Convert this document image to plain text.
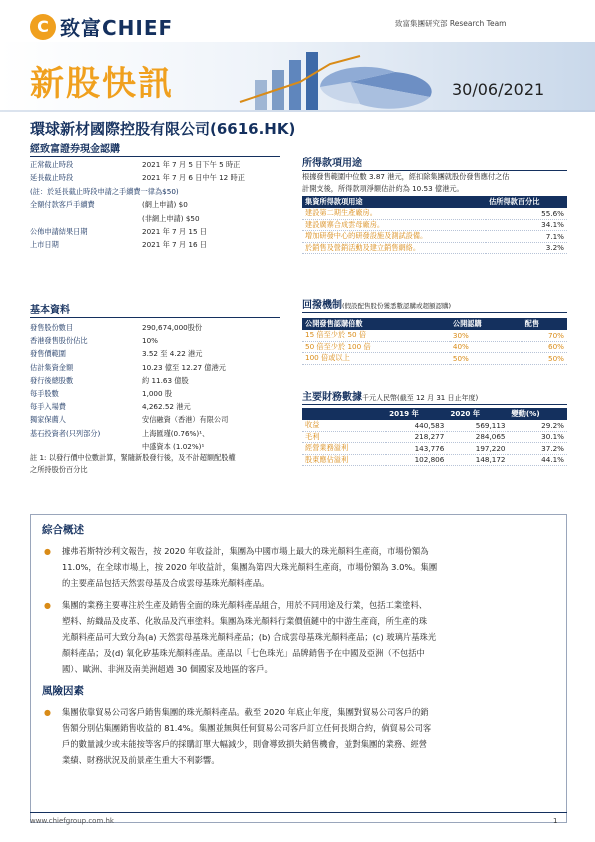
C 致富CHIEF	致富集團研究部 Research Team
新股快訊	30/06/2021
環球新材國際控股有限公司(6616.HK)
經致富證券現金認購
正常截止時段	2021 年 7 月 5 日下午 5 時正
延長截止時段	2021 年 7 月 6 日中午 12 時正
(註：於延長截止時段申請之手續費一律為$50)
全額付款客戶手續費	(網上申請) $0
(非網上申請) $50
公佈申請結果日期	2021 年 7 月 15 日
上市日期	2021 年 7 月 16 日
基本資料
發售股份數目	290,674,000股份
香港發售股份佔比	10%
發售價範圍	3.52 至 4.22 港元
估計集資金額	10.23 億至 12.27 億港元
發行後總股數	約 11.63 億股
每手股數	1,000 股
每手入場費	4,262.52 港元
獨家保薦人	安信融資（香港）有限公司
基石投資者(只列部分)	上海匯瑾(0.76%)¹、
中盛資本 (1.02%)¹
註 1: 以發行價中位數計算，緊隨新股發行後，及不計超額配股權
之所持股份百分比
所得款項用途
根據發售範圍中位數 3.87 港元，經扣除集團就股份發售應付之估
計開支後，所得款項淨額估計約為 10.53 億港元。
集資所得款項用途	估所得款百分比
建設第二期生產廠房。	55.6%
建設廣寨合成雲母廠房。	34.1%
增加研發中心的研發設施及測試設備。	7.1%
於銷售及營銷活動及建立銷售網絡。	3.2%
回撥機制(假設配售股份獲悉數認購或超額認購)
公開發售認購倍數	公開認購	配售
15 倍至少於 50 倍	30%	70%
50 倍至少於 100 倍	40%	60%
100 倍或以上	50%	50%
主要財務數據千元人民幣(截至 12 月 31 日止年度)
	2019 年	2020 年	變動(%)
收益	440,583	569,113	29.2%
毛利	218,277	284,065	30.1%
經營業務溢利	143,776	197,220	37.2%
股東應佔溢利	102,806	148,172	44.1%
綜合概述
● 據弗若斯特沙利文報告，按 2020 年收益計，集團為中國市場上最大的珠光顏料生產商，市場份額為
11.0%，在全球市場上，按 2020 年收益計，集團為第四大珠光顏料生產商，市場份額為 3.0%。集團
的主要產品包括天然雲母基及合成雲母基珠光顏料產品。
● 集團的業務主要專注於生產及銷售全面的珠光顏料產品組合，用於不同用途及行業，包括工業塗料、
塑料、紡織品及皮革、化妝品及汽車塗料。集團為珠光顏料行業價值鏈中的中游生產商，所生產的珠
光顏料產品可大致分為(a) 天然雲母基珠光顏料產品；(b) 合成雲母基珠光顏料產品；(c) 玻璃片基珠光
顏料產品；及(d) 氧化矽基珠光顏料產品。產品以「七色珠光」品牌銷售予在中國及亞洲（不包括中
國）、歐洲、非洲及南美洲超過 30 個國家及地區的客戶。
風險因素
● 集團依靠貿易公司客戶銷售集團的珠光顏料產品。截至 2020 年底止年度，集團對貿易公司客戶的銷
售額分別佔集團銷售收益的 81.4%。集團並無與任何貿易公司客戶訂立任何長期合約，倘貿易公司客
戶的數量減少或未能按等客戶的採購訂單大幅減少，則會導致損失銷售機會，並對集團的業務、經營
業績、財務狀況及前景產生重大不利影響。
www.chiefgroup.com.hk	1
